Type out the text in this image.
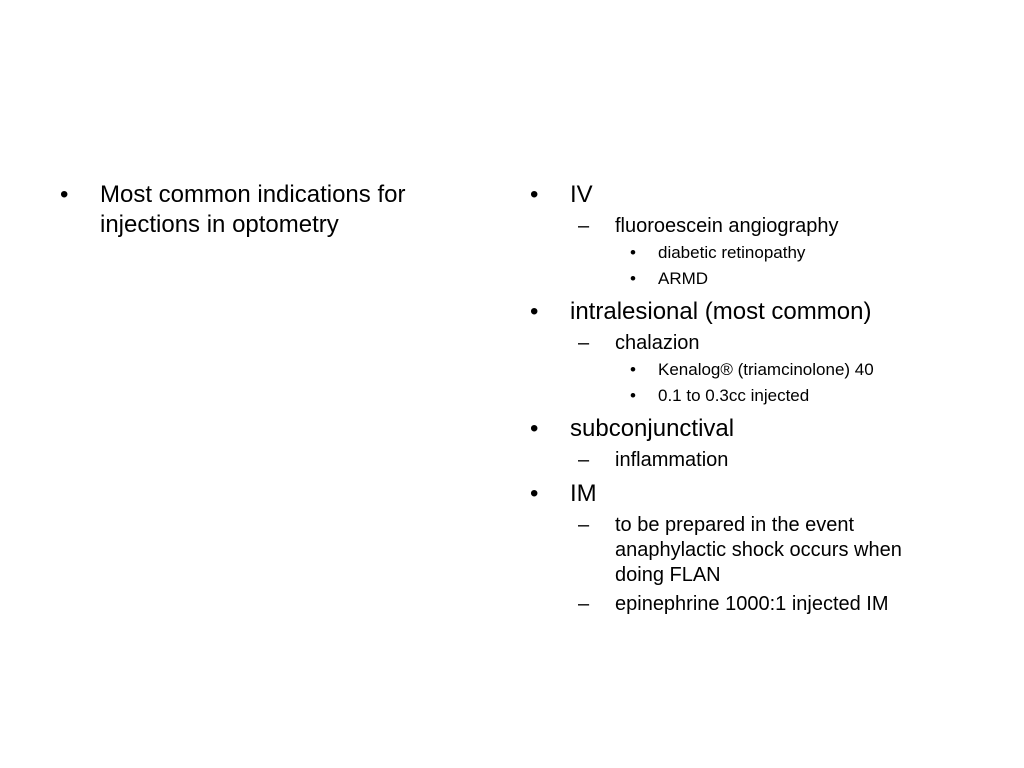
•	Most common indications for injections in optometry
•	IV
–	fluoroescein angiography
•	diabetic retinopathy
•	ARMD
•	intralesional (most common)
–	chalazion
•	Kenalog® (triamcinolone) 40
•	0.1 to 0.3cc injected
•	subconjunctival
–	inflammation
•	IM
–	to be prepared in the event anaphylactic shock occurs when doing FLAN
–	epinephrine 1000:1 injected IM
